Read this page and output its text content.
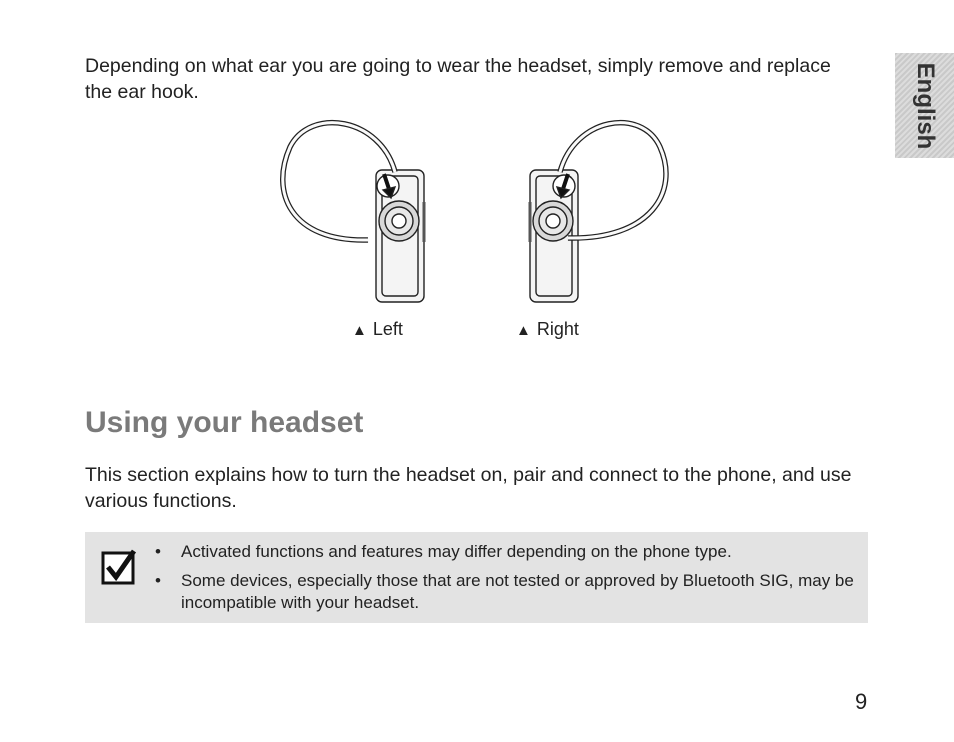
Depending on what ear you are going to wear the headset, simply remove and replace the ear hook.	English
▲ Left	▲ Right
Using your headset

This section explains how to turn the headset on, pair and connect to the phone, and use various functions.

• Activated functions and features may differ depending on the phone type.
• Some devices, especially those that are not tested or approved by Bluetooth SIG, may be incompatible with your headset.
9
